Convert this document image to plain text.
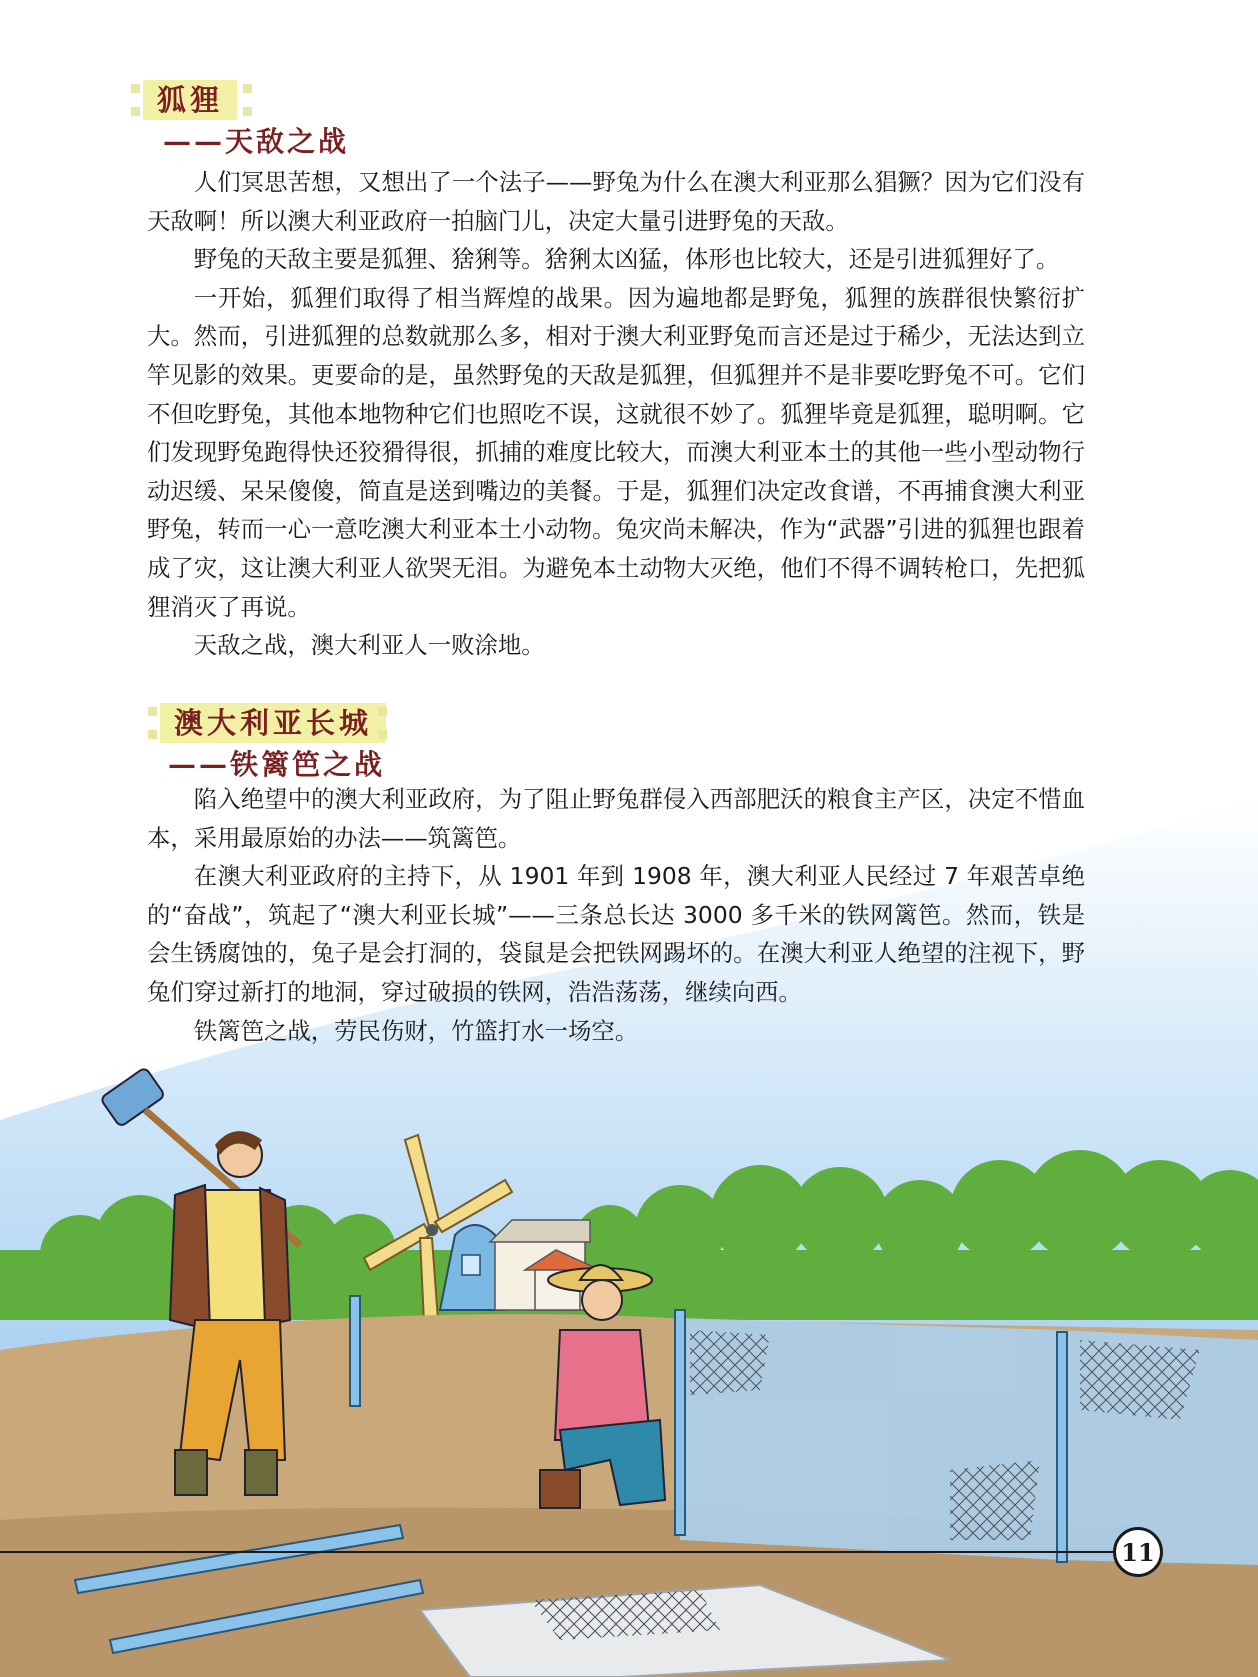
狐狸
——天敌之战

人们冥思苦想，又想出了一个法子——野兔为什么在澳大利亚那么猖獗？因为它们没有天敌啊！所以澳大利亚政府一拍脑门儿，决定大量引进野兔的天敌。

野兔的天敌主要是狐狸、猞猁等。猞猁太凶猛，体形也比较大，还是引进狐狸好了。

一开始，狐狸们取得了相当辉煌的战果。因为遍地都是野兔，狐狸的族群很快繁衍扩大。然而，引进狐狸的总数就那么多，相对于澳大利亚野兔而言还是过于稀少，无法达到立竿见影的效果。更要命的是，虽然野兔的天敌是狐狸，但狐狸并不是非要吃野兔不可。它们不但吃野兔，其他本地物种它们也照吃不误，这就很不妙了。狐狸毕竟是狐狸，聪明啊。它们发现野兔跑得快还狡猾得很，抓捕的难度比较大，而澳大利亚本土的其他一些小型动物行动迟缓、呆呆傻傻，简直是送到嘴边的美餐。于是，狐狸们决定改食谱，不再捕食澳大利亚野兔，转而一心一意吃澳大利亚本土小动物。兔灾尚未解决，作为“武器”引进的狐狸也跟着成了灾，这让澳大利亚人欲哭无泪。为避免本土动物大灭绝，他们不得不调转枪口，先把狐狸消灭了再说。

天敌之战，澳大利亚人一败涂地。

澳大利亚长城
——铁篱笆之战

陷入绝望中的澳大利亚政府，为了阻止野兔群侵入西部肥沃的粮食主产区，决定不惜血本，采用最原始的办法——筑篱笆。

在澳大利亚政府的主持下，从 1901 年到 1908 年，澳大利亚人民经过 7 年艰苦卓绝的“奋战”，筑起了“澳大利亚长城”——三条总长达 3000 多千米的铁网篱笆。然而，铁是会生锈腐蚀的，兔子是会打洞的，袋鼠是会把铁网踢坏的。在澳大利亚人绝望的注视下，野兔们穿过新打的地洞，穿过破损的铁网，浩浩荡荡，继续向西。

铁篱笆之战，劳民伤财，竹篮打水一场空。

11
